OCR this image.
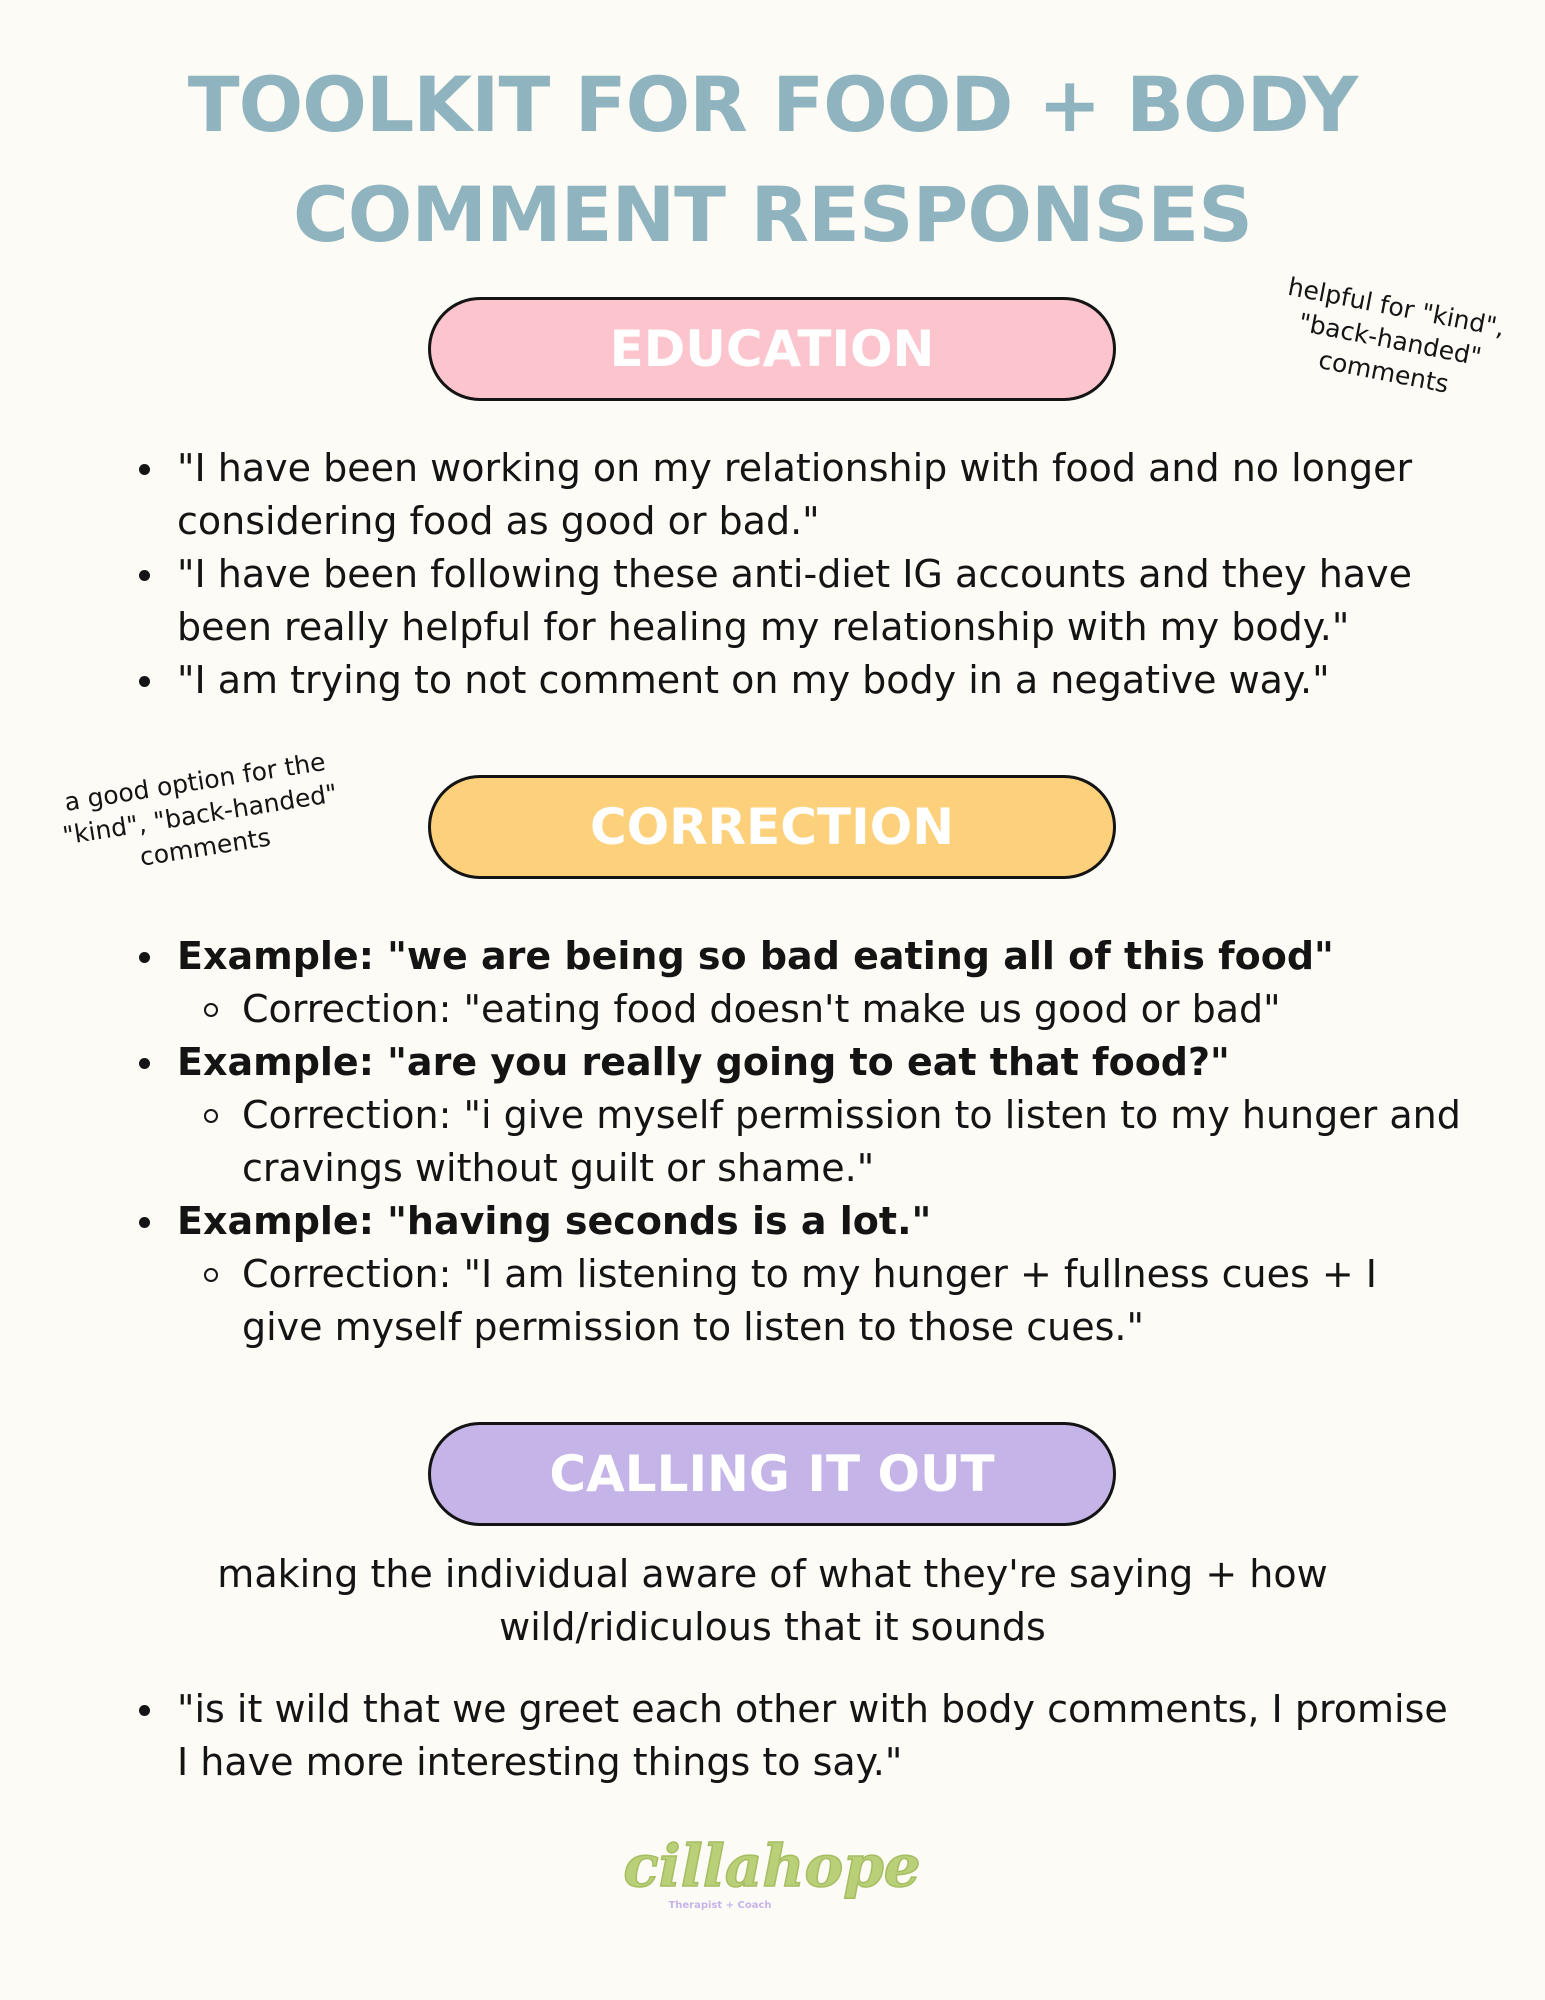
TOOLKIT FOR FOOD + BODY
COMMENT RESPONSES
EDUCATION
helpful for "kind", "back-handed" comments
"I have been working on my relationship with food and no longer considering food as good or bad."
"I have been following these anti-diet IG accounts and they have been really helpful for healing my relationship with my body."
"I am trying to not comment on my body in a negative way."
a good option for the "kind", "back-handed" comments	CORRECTION
Example: "we are being so bad eating all of this food"
Correction: "eating food doesn't make us good or bad"
Example: "are you really going to eat that food?"
Correction: "i give myself permission to listen to my hunger and cravings without guilt or shame."
Example: "having seconds is a lot."
Correction: "I am listening to my hunger + fullness cues + I give myself permission to listen to those cues."
CALLING IT OUT
making the individual aware of what they're saying + how wild/ridiculous that it sounds
"is it wild that we greet each other with body comments, I promise I have more interesting things to say."
cillahope
Therapist + Coach
